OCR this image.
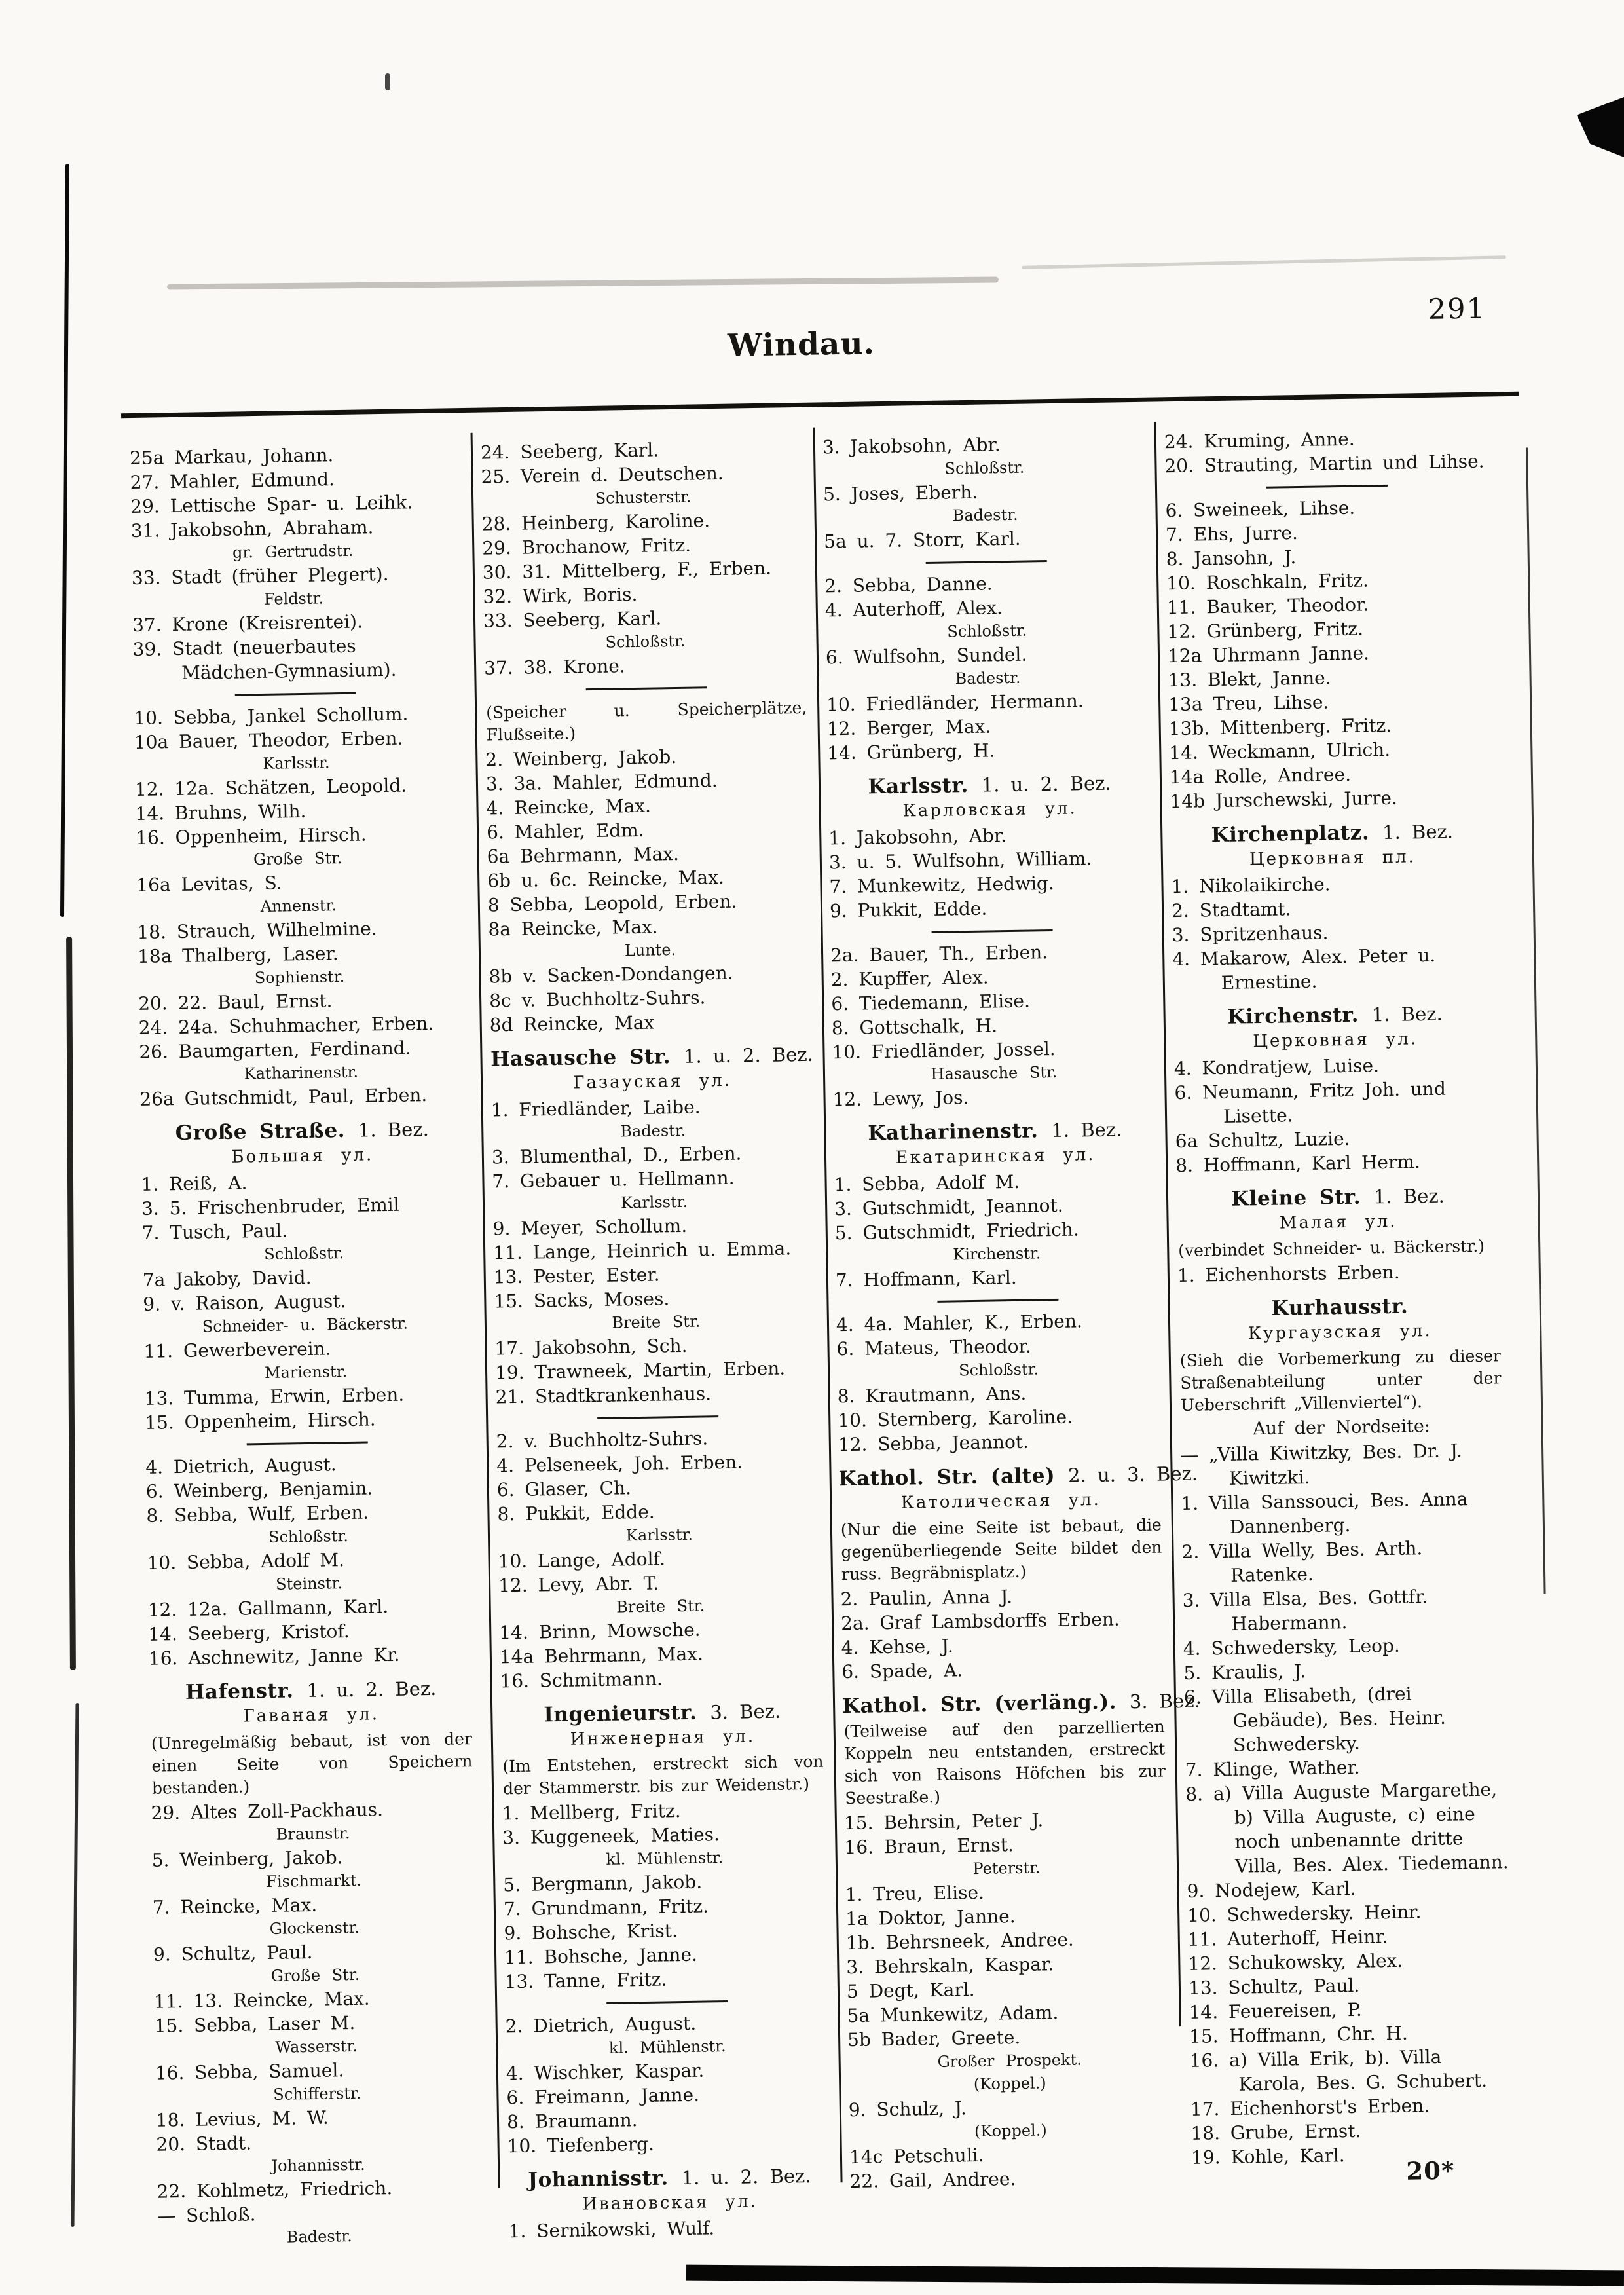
Windau.
291
25a Markau, Johann.
27. Mahler, Edmund.
29. Lettische Spar- u. Leihk.
31. Jakobsohn, Abraham.
gr. Gertrudstr.
33. Stadt (früher Plegert).
Feldstr.
37. Krone (Kreisrentei).
39. Stadt (neuerbautes Mädchen-Gymnasium).
10. Sebba, Jankel Schollum.
10a Bauer, Theodor, Erben.
Karlsstr.
12. 12a. Schätzen, Leopold.
14. Bruhns, Wilh.
16. Oppenheim, Hirsch.
Große Str.
16a Levitas, S.
Annenstr.
18. Strauch, Wilhelmine.
18a Thalberg, Laser.
Sophienstr.
20. 22. Baul, Ernst.
24. 24a. Schuhmacher, Erben.
26. Baumgarten, Ferdinand.
Katharinenstr.
26a Gutschmidt, Paul, Erben.
Große Straße. 1. Bez.
Большая ул.
1. Reiß, A.
3. 5. Frischenbruder, Emil
7. Tusch, Paul.
Schloßstr.
7a Jakoby, David.
9. v. Raison, August.
Schneider- u. Bäckerstr.
11. Gewerbeverein.
Marienstr.
13. Tumma, Erwin, Erben.
15. Oppenheim, Hirsch.
4. Dietrich, August.
6. Weinberg, Benjamin.
8. Sebba, Wulf, Erben.
Schloßstr.
10. Sebba, Adolf M.
Steinstr.
12. 12a. Gallmann, Karl.
14. Seeberg, Kristof.
16. Aschnewitz, Janne Kr.
Hafenstr. 1. u. 2. Bez.
Гаваная ул.
(Unregelmäßig bebaut, ist von der einen Seite von Speichern bestanden.)
29. Altes Zoll-Packhaus.
Braunstr.
5. Weinberg, Jakob.
Fischmarkt.
7. Reincke, Max.
Glockenstr.
9. Schultz, Paul.
Große Str.
11. 13. Reincke, Max.
15. Sebba, Laser M.
Wasserstr.
16. Sebba, Samuel.
Schifferstr.
18. Levius, M. W.
20. Stadt.
Johannisstr.
22. Kohlmetz, Friedrich.
— Schloß.
Badestr.
24. Seeberg, Karl.
25. Verein d. Deutschen.
Schusterstr.
28. Heinberg, Karoline.
29. Brochanow, Fritz.
30. 31. Mittelberg, F., Erben.
32. Wirk, Boris.
33. Seeberg, Karl.
Schloßstr.
37. 38. Krone.
(Speicher u. Speicherplätze, Flußseite.)
2. Weinberg, Jakob.
3. 3a. Mahler, Edmund.
4. Reincke, Max.
6. Mahler, Edm.
6a Behrmann, Max.
6b u. 6c. Reincke, Max.
8 Sebba, Leopold, Erben.
8a Reincke, Max.
Lunte.
8b v. Sacken-Dondangen.
8c v. Buchholtz-Suhrs.
8d Reincke, Max
Hasausche Str. 1. u. 2. Bez.
Газауская ул.
1. Friedländer, Laibe.
Badestr.
3. Blumenthal, D., Erben.
7. Gebauer u. Hellmann.
Karlsstr.
9. Meyer, Schollum.
11. Lange, Heinrich u. Emma.
13. Pester, Ester.
15. Sacks, Moses.
Breite Str.
17. Jakobsohn, Sch.
19. Trawneek, Martin, Erben.
21. Stadtkrankenhaus.
2. v. Buchholtz-Suhrs.
4. Pelseneek, Joh. Erben.
6. Glaser, Ch.
8. Pukkit, Edde.
Karlsstr.
10. Lange, Adolf.
12. Levy, Abr. T.
Breite Str.
14. Brinn, Mowsche.
14a Behrmann, Max.
16. Schmitmann.
Ingenieurstr. 3. Bez.
Инженерная ул.
(Im Entstehen, erstreckt sich von der Stammerstr. bis zur Weidenstr.)
1. Mellberg, Fritz.
3. Kuggeneek, Maties.
kl. Mühlenstr.
5. Bergmann, Jakob.
7. Grundmann, Fritz.
9. Bohsche, Krist.
11. Bohsche, Janne.
13. Tanne, Fritz.
2. Dietrich, August.
kl. Mühlenstr.
4. Wischker, Kaspar.
6. Freimann, Janne.
8. Braumann.
10. Tiefenberg.
Johannisstr. 1. u. 2. Bez.
Ивановская ул.
1. Sernikowski, Wulf.
3. Jakobsohn, Abr.
Schloßstr.
5. Joses, Eberh.
Badestr.
5a u. 7. Storr, Karl.
2. Sebba, Danne.
4. Auterhoff, Alex.
Schloßstr.
6. Wulfsohn, Sundel.
Badestr.
10. Friedländer, Hermann.
12. Berger, Max.
14. Grünberg, H.
Karlsstr. 1. u. 2. Bez.
Карловская ул.
1. Jakobsohn, Abr.
3. u. 5. Wulfsohn, William.
7. Munkewitz, Hedwig.
9. Pukkit, Edde.
2a. Bauer, Th., Erben.
2. Kupffer, Alex.
6. Tiedemann, Elise.
8. Gottschalk, H.
10. Friedländer, Jossel.
Hasausche Str.
12. Lewy, Jos.
Katharinenstr. 1. Bez.
Екатаринская ул.
1. Sebba, Adolf M.
3. Gutschmidt, Jeannot.
5. Gutschmidt, Friedrich.
Kirchenstr.
7. Hoffmann, Karl.
4. 4a. Mahler, K., Erben.
6. Mateus, Theodor.
Schloßstr.
8. Krautmann, Ans.
10. Sternberg, Karoline.
12. Sebba, Jeannot.
Kathol. Str. (alte) 2. u. 3. Bez.
Католическая ул.
(Nur die eine Seite ist bebaut, die gegenüberliegende Seite bildet den russ. Begräbnisplatz.)
2. Paulin, Anna J.
2a. Graf Lambsdorffs Erben.
4. Kehse, J.
6. Spade, A.
Kathol. Str. (verläng.). 3. Bez.
(Teilweise auf den parzellierten Koppeln neu entstanden, erstreckt sich von Raisons Höfchen bis zur Seestraße.)
15. Behrsin, Peter J.
16. Braun, Ernst.
Peterstr.
1. Treu, Elise.
1a Doktor, Janne.
1b. Behrsneek, Andree.
3. Behrskaln, Kaspar.
5 Degt, Karl.
5a Munkewitz, Adam.
5b Bader, Greete.
Großer Prospekt.
(Koppel.)
9. Schulz, J.
(Koppel.)
14c Petschuli.
22. Gail, Andree.
24. Kruming, Anne.
20. Strauting, Martin und Lihse.
6. Sweineek, Lihse.
7. Ehs, Jurre.
8. Jansohn, J.
10. Roschkaln, Fritz.
11. Bauker, Theodor.
12. Grünberg, Fritz.
12a Uhrmann Janne.
13. Blekt, Janne.
13a Treu, Lihse.
13b. Mittenberg. Fritz.
14. Weckmann, Ulrich.
14a Rolle, Andree.
14b Jurschewski, Jurre.
Kirchenplatz. 1. Bez.
Церковная пл.
1. Nikolaikirche.
2. Stadtamt.
3. Spritzenhaus.
4. Makarow, Alex. Peter u. Ernestine.
Kirchenstr. 1. Bez.
Церковная ул.
4. Kondratjew, Luise.
6. Neumann, Fritz Joh. und Lisette.
6a Schultz, Luzie.
8. Hoffmann, Karl Herm.
Kleine Str. 1. Bez.
Малая ул.
(verbindet Schneider- u. Bäckerstr.)
1. Eichenhorsts Erben.
Kurhausstr.
Кургаузская ул.
(Sieh die Vorbemerkung zu dieser Straßenabteilung unter der Ueberschrift „Villenviertel“).
Auf der Nordseite:
— „Villa Kiwitzky, Bes. Dr. J. Kiwitzki.
1. Villa Sanssouci, Bes. Anna Dannenberg.
2. Villa Welly, Bes. Arth. Ratenke.
3. Villa Elsa, Bes. Gottfr. Habermann.
4. Schwedersky, Leop.
5. Kraulis, J.
6. Villa Elisabeth, (drei Gebäude), Bes. Heinr. Schwedersky.
7. Klinge, Wather.
8. a) Villa Auguste Margarethe, b) Villa Auguste, c) eine noch unbenannte dritte Villa, Bes. Alex. Tiedemann.
9. Nodejew, Karl.
10. Schwedersky. Heinr.
11. Auterhoff, Heinr.
12. Schukowsky, Alex.
13. Schultz, Paul.
14. Feuereisen, P.
15. Hoffmann, Chr. H.
16. a) Villa Erik, b). Villa Karola, Bes. G. Schubert.
17. Eichenhorst's Erben.
18. Grube, Ernst.
19. Kohle, Karl.	20*
